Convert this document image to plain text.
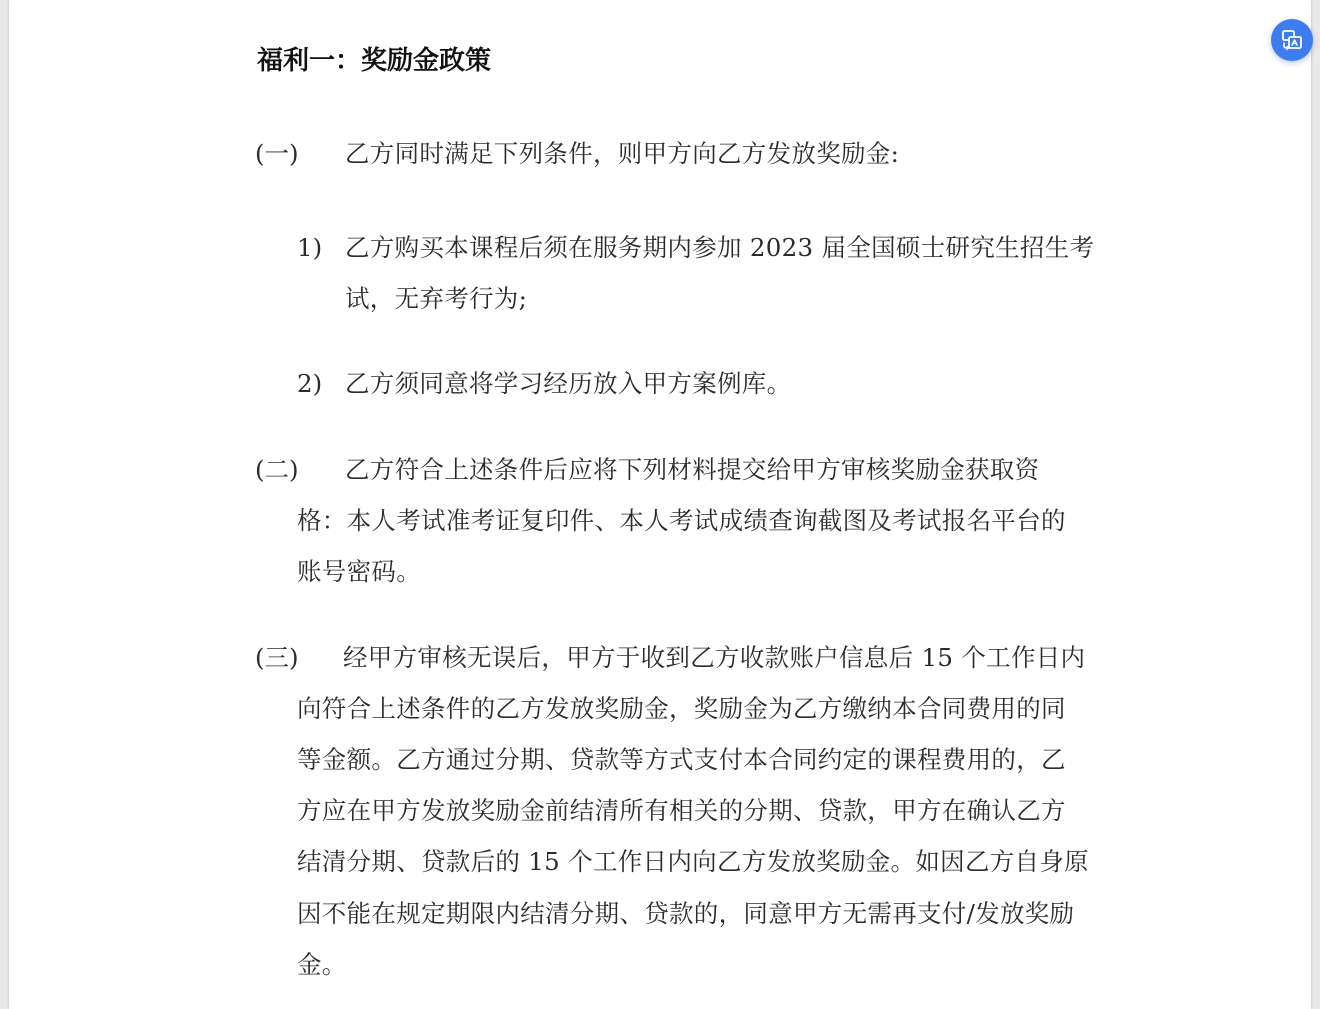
福利一：奖励金政策
(一) 乙方同时满足下列条件，则甲方向乙方发放奖励金:
1) 乙方购买本课程后须在服务期内参加 2023 届全国硕士研究生招生考
试，无弃考行为;
2) 乙方须同意将学习经历放入甲方案例库。
(二) 乙方符合上述条件后应将下列材料提交给甲方审核奖励金获取资
格：本人考试准考证复印件、本人考试成绩查询截图及考试报名平台的
账号密码。
(三) 经甲方审核无误后，甲方于收到乙方收款账户信息后 15 个工作日内
向符合上述条件的乙方发放奖励金，奖励金为乙方缴纳本合同费用的同
等金额。乙方通过分期、贷款等方式支付本合同约定的课程费用的，乙
方应在甲方发放奖励金前结清所有相关的分期、贷款，甲方在确认乙方
结清分期、贷款后的 15 个工作日内向乙方发放奖励金。如因乙方自身原
因不能在规定期限内结清分期、贷款的，同意甲方无需再支付/发放奖励
金。
